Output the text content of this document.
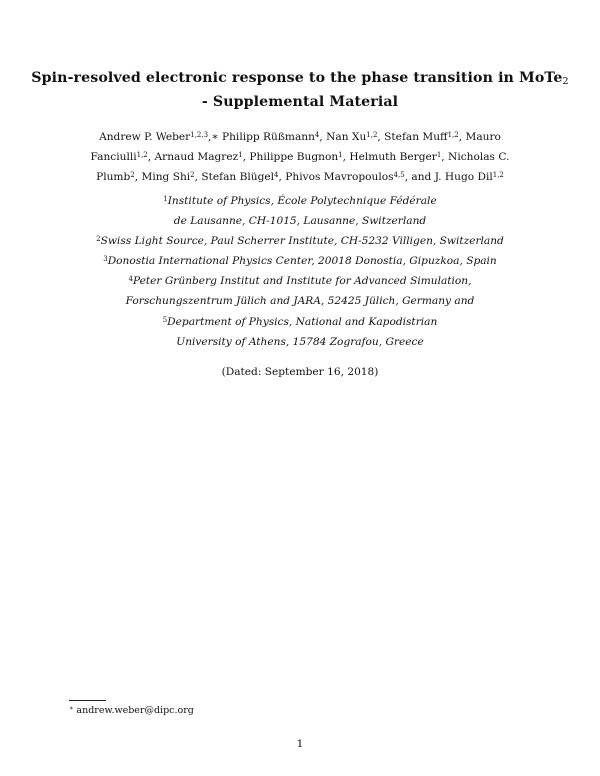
Spin-resolved electronic response to the phase transition in MoTe$_2$
- Supplemental Material
Andrew P. Weber$^{1,2,3}$,∗ Philipp Rüßmann$^4$, Nan Xu$^{1,2}$, Stefan Muff$^{1,2}$, Mauro
Fanciulli$^{1,2}$, Arnaud Magrez$^1$, Philippe Bugnon$^1$, Helmuth Berger$^1$, Nicholas C.
Plumb$^2$, Ming Shi$^2$, Stefan Blügel$^4$, Phivos Mavropoulos$^{4,5}$, and J. Hugo Dil$^{1,2}$
$^1$Institute of Physics, École Polytechnique Fédérale
de Lausanne, CH-1015, Lausanne, Switzerland
$^2$Swiss Light Source, Paul Scherrer Institute, CH-5232 Villigen, Switzerland
$^3$Donostia International Physics Center, 20018 Donostia, Gipuzkoa, Spain
$^4$Peter Grünberg Institut and Institute for Advanced Simulation,
Forschungszentrum Jülich and JARA, 52425 Jülich, Germany and
$^5$Department of Physics, National and Kapodistrian
University of Athens, 15784 Zografou, Greece
(Dated: September 16, 2018)
∗ andrew.weber@dipc.org
1
